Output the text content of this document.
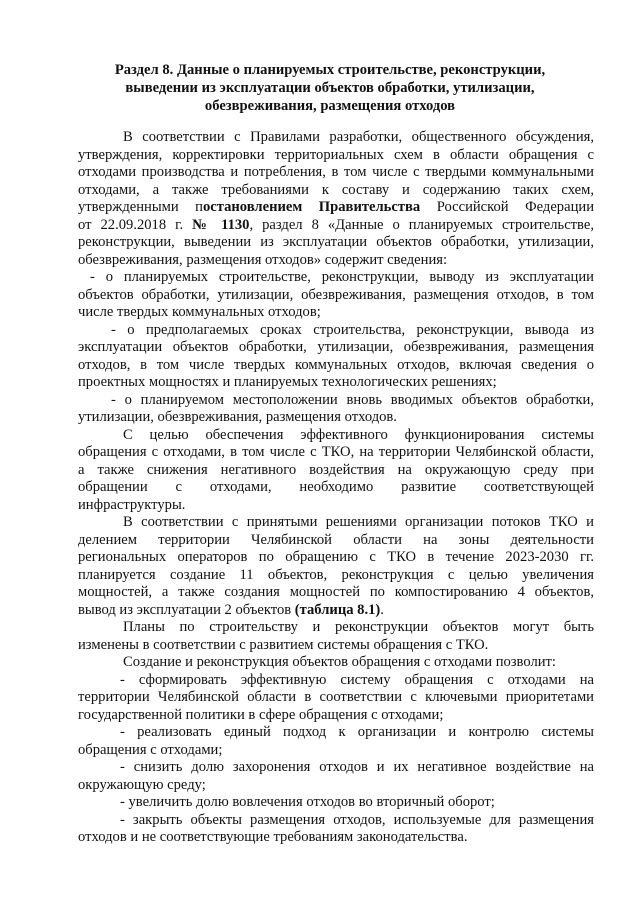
Раздел 8. Данные о планируемых строительстве, реконструкции,
выведении из эксплуатации объектов обработки, утилизации,
обезвреживания, размещения отходов
В соответствии с Правилами разработки, общественного обсуждения,
утверждения, корректировки территориальных схем в области обращения с
отходами производства и потребления, в том числе с твердыми коммунальными
отходами, а также требованиями к составу и содержанию таких схем,
утвержденными постановлением Правительства Российской Федерации
от 22.09.2018 г. № 1130, раздел 8 «Данные о планируемых строительстве,
реконструкции, выведении из эксплуатации объектов обработки, утилизации,
обезвреживания, размещения отходов» содержит сведения:
- о планируемых строительстве, реконструкции, выводу из эксплуатации
объектов обработки, утилизации, обезвреживания, размещения отходов, в том
числе твердых коммунальных отходов;
- о предполагаемых сроках строительства, реконструкции, вывода из
эксплуатации объектов обработки, утилизации, обезвреживания, размещения
отходов, в том числе твердых коммунальных отходов, включая сведения о
проектных мощностях и планируемых технологических решениях;
- о планируемом местоположении вновь вводимых объектов обработки,
утилизации, обезвреживания, размещения отходов.
С целью обеспечения эффективного функционирования системы
обращения с отходами, в том числе с ТКО, на территории Челябинской области,
а также снижения негативного воздействия на окружающую среду при
обращении с отходами, необходимо развитие соответствующей
инфраструктуры.
В соответствии с принятыми решениями организации потоков ТКО и
делением территории Челябинской области на зоны деятельности
региональных операторов по обращению с ТКО в течение 2023-2030 гг.
планируется создание 11 объектов, реконструкция с целью увеличения
мощностей, а также создания мощностей по компостированию 4 объектов,
вывод из эксплуатации 2 объектов (таблица 8.1).
Планы по строительству и реконструкции объектов могут быть
изменены в соответствии с развитием системы обращения с ТКО.
Создание и реконструкция объектов обращения с отходами позволит:
- сформировать эффективную систему обращения с отходами на
территории Челябинской области в соответствии с ключевыми приоритетами
государственной политики в сфере обращения с отходами;
- реализовать единый подход к организации и контролю системы
обращения с отходами;
- снизить долю захоронения отходов и их негативное воздействие на
окружающую среду;
- увеличить долю вовлечения отходов во вторичный оборот;
- закрыть объекты размещения отходов, используемые для размещения
отходов и не соответствующие требованиям законодательства.
